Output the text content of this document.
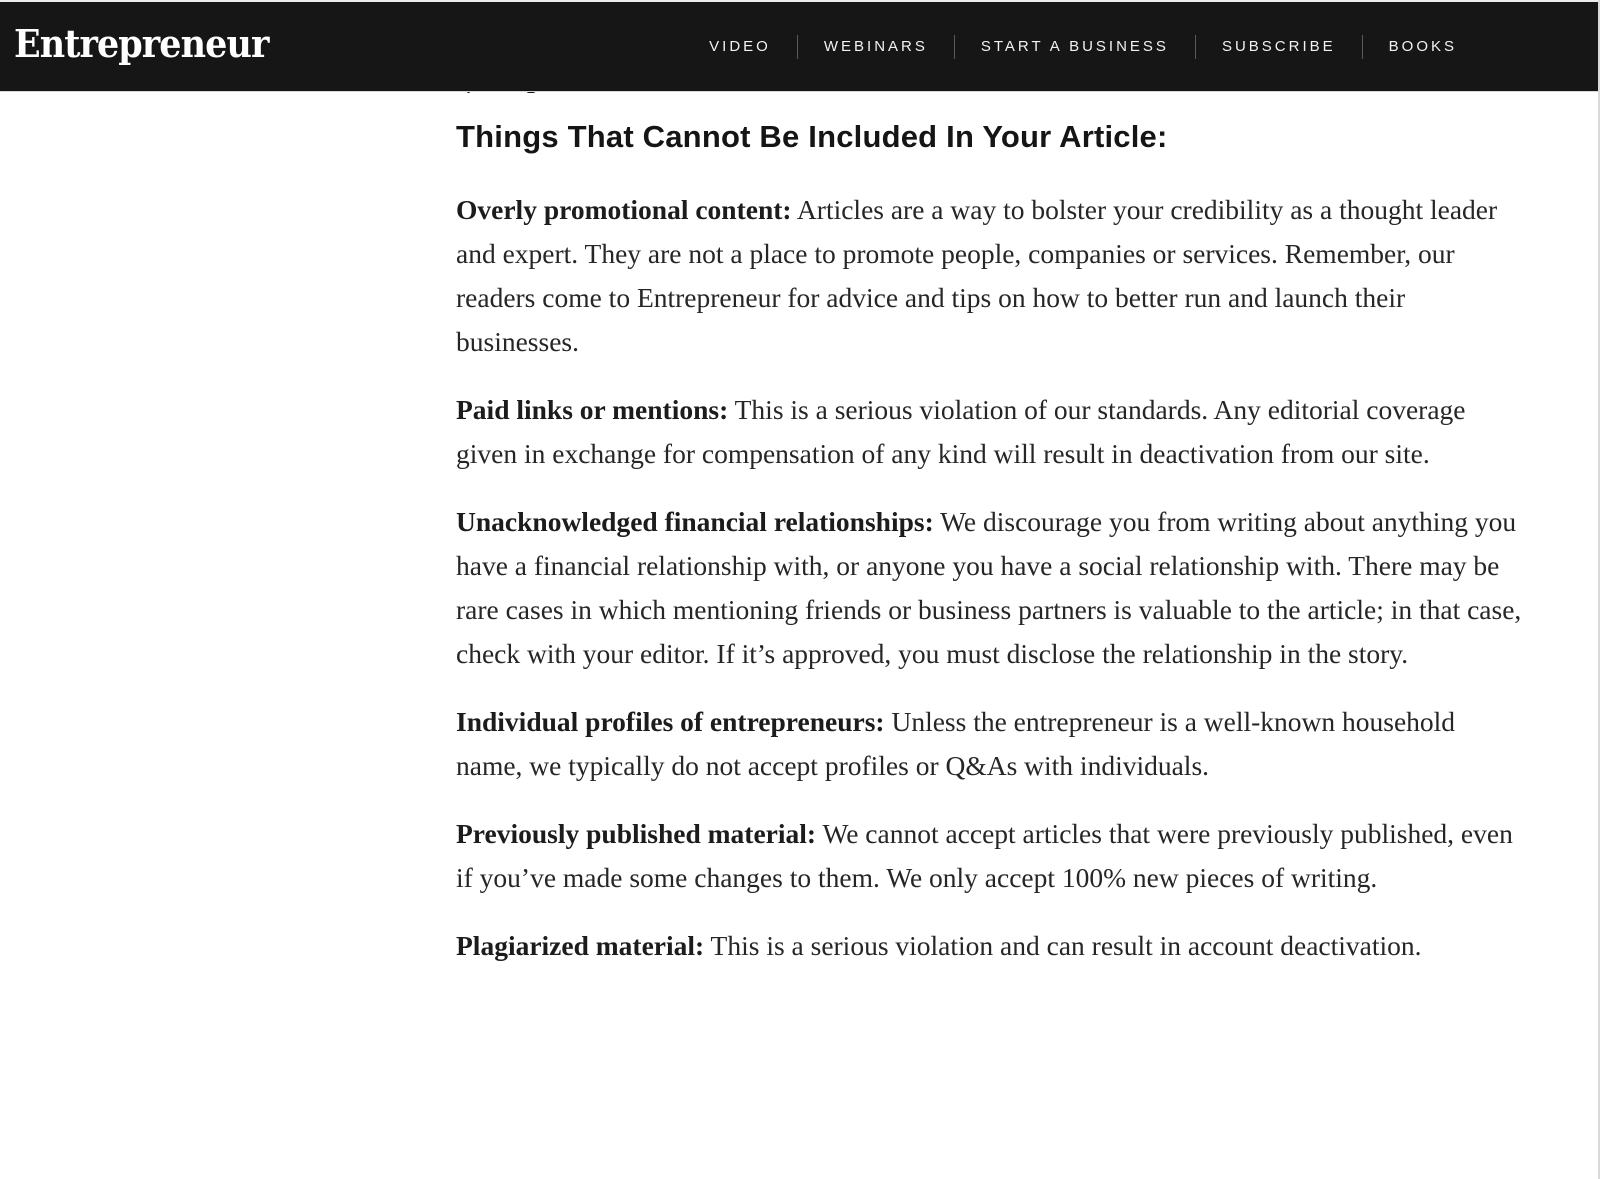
Entrepreneur	VIDEO	WEBINARS	START A BUSINESS	SUBSCRIBE	BOOKS
Things That Cannot Be Included In Your Article:

Overly promotional content: Articles are a way to bolster your credibility as a thought leader and expert. They are not a place to promote people, companies or services. Remember, our readers come to Entrepreneur for advice and tips on how to better run and launch their businesses.

Paid links or mentions: This is a serious violation of our standards. Any editorial coverage given in exchange for compensation of any kind will result in deactivation from our site.

Unacknowledged financial relationships: We discourage you from writing about anything you have a financial relationship with, or anyone you have a social relationship with. There may be rare cases in which mentioning friends or business partners is valuable to the article; in that case, check with your editor. If it’s approved, you must disclose the relationship in the story.

Individual profiles of entrepreneurs: Unless the entrepreneur is a well-known household name, we typically do not accept profiles or Q&As with individuals.

Previously published material: We cannot accept articles that were previously published, even if you’ve made some changes to them. We only accept 100% new pieces of writing.

Plagiarized material: This is a serious violation and can result in account deactivation.
